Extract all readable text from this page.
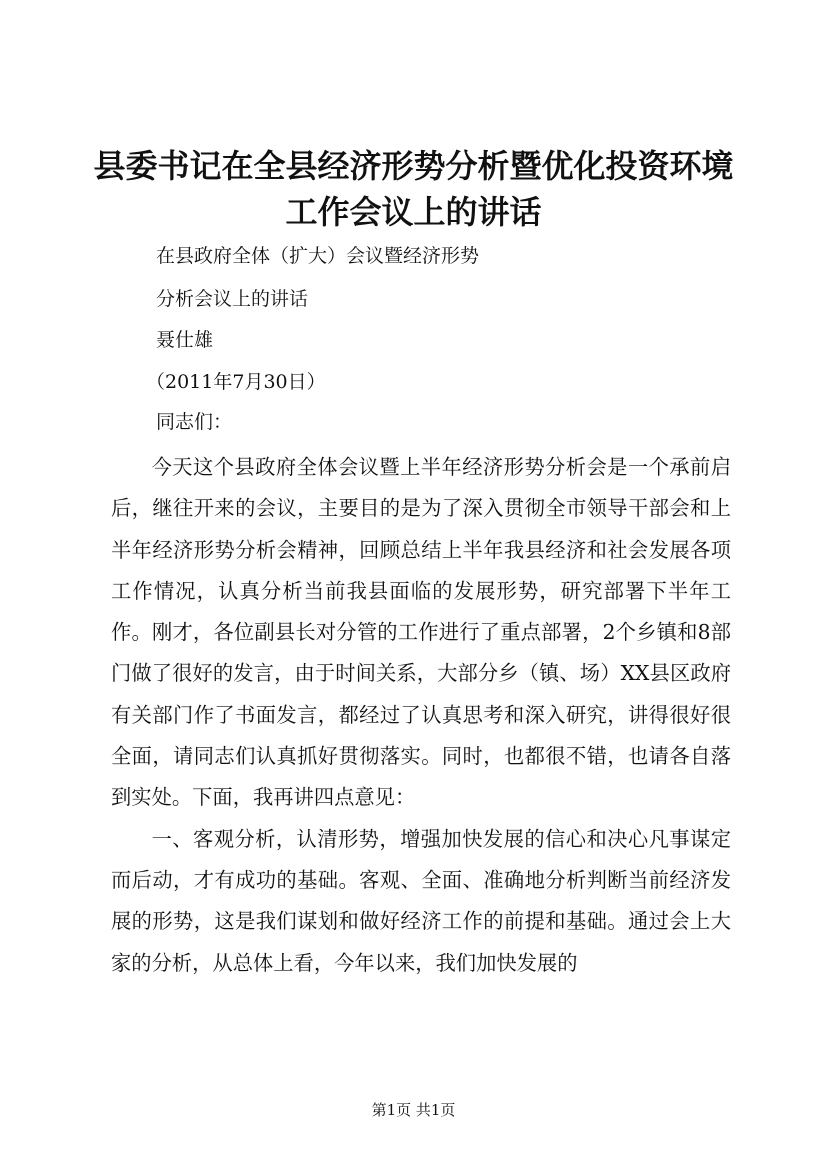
县委书记在全县经济形势分析暨优化投资环境
工作会议上的讲话

在县政府全体（扩大）会议暨经济形势

分析会议上的讲话

聂仕雄

（2011年7月30日）

同志们：

今天这个县政府全体会议暨上半年经济形势分析会是一个承前启后，继往开来的会议，主要目的是为了深入贯彻全市领导干部会和上半年经济形势分析会精神，回顾总结上半年我县经济和社会发展各项工作情况，认真分析当前我县面临的发展形势，研究部署下半年工作。刚才，各位副县长对分管的工作进行了重点部署，2个乡镇和8部门做了很好的发言，由于时间关系，大部分乡（镇、场）XX县区政府有关部门作了书面发言，都经过了认真思考和深入研究，讲得很好很全面，请同志们认真抓好贯彻落实。同时，也都很不错，也请各自落到实处。下面，我再讲四点意见：

一、客观分析，认清形势，增强加快发展的信心和决心凡事谋定而后动，才有成功的基础。客观、全面、准确地分析判断当前经济发展的形势，这是我们谋划和做好经济工作的前提和基础。通过会上大家的分析，从总体上看，今年以来，我们加快发展的

第1页 共1页
